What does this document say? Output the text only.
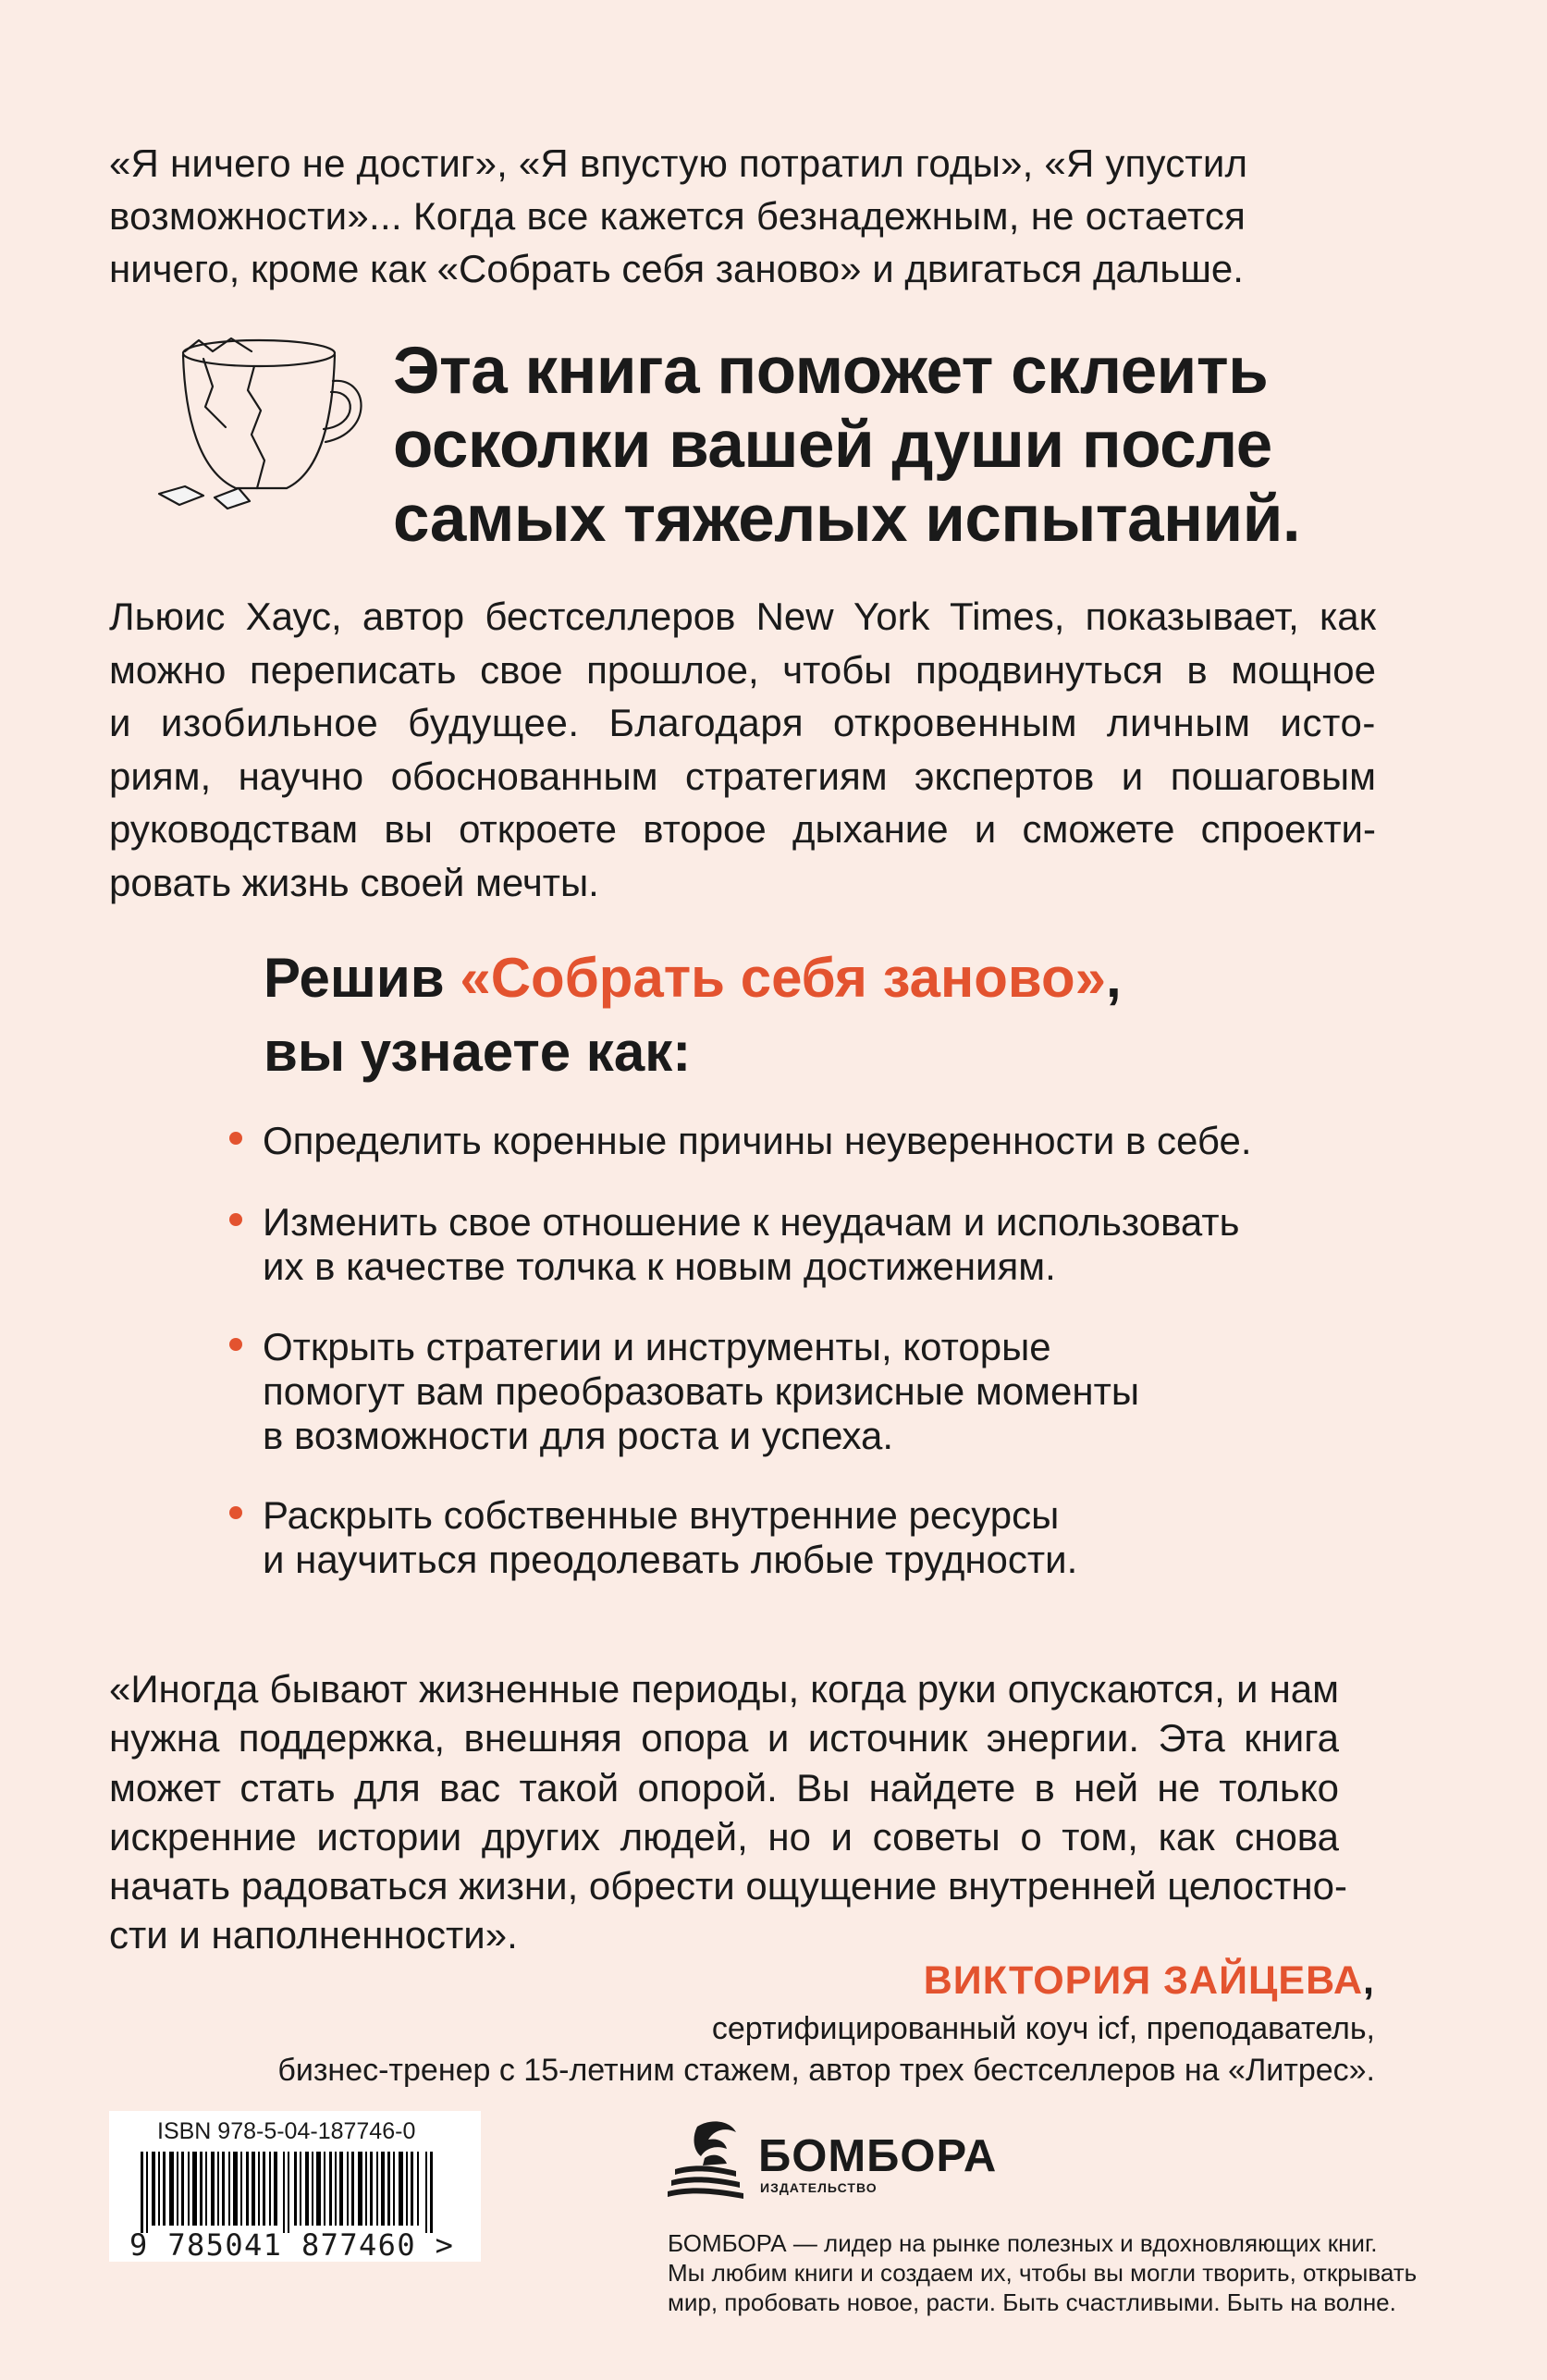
«Я ничего не достиг», «Я впустую потратил годы», «Я упустил
возможности»... Когда все кажется безнадежным, не остается
ничего, кроме как «Собрать себя заново» и двигаться дальше.
Эта книга поможет склеить
осколки вашей души после
самых тяжелых испытаний.
Льюис Хаус, автор бестселлеров New York Times, показывает, как
можно переписать свое прошлое, чтобы продвинуться в мощное
и изобильное будущее. Благодаря откровенным личным исто-
риям, научно обоснованным стратегиям экспертов и пошаговым
руководствам вы откроете второе дыхание и сможете спроекти-
ровать жизнь своей мечты.
Решив «Собрать себя заново»,
вы узнаете как:
Определить коренные причины неуверенности в себе.
Изменить свое отношение к неудачам и использовать
их в качестве толчка к новым достижениям.
Открыть стратегии и инструменты, которые
помогут вам преобразовать кризисные моменты
в возможности для роста и успеха.
Раскрыть собственные внутренние ресурсы
и научиться преодолевать любые трудности.
«Иногда бывают жизненные периоды, когда руки опускаются, и нам
нужна поддержка, внешняя опора и источник энергии. Эта книга
может стать для вас такой опорой. Вы найдете в ней не только
искренние истории других людей, но и советы о том, как снова
начать радоваться жизни, обрести ощущение внутренней целостно-
сти и наполненности».
ВИКТОРИЯ ЗАЙЦЕВА,
сертифицированный коуч icf, преподаватель,
бизнес-тренер с 15-летним стажем, автор трех бестселлеров на «Литрес».
ISBN 978-5-04-187746-0
9 785041 877460 >
БОМБОРА
ИЗДАТЕЛЬСТВО
БОМБОРА — лидер на рынке полезных и вдохновляющих книг.
Мы любим книги и создаем их, чтобы вы могли творить, открывать
мир, пробовать новое, расти. Быть счастливыми. Быть на волне.
